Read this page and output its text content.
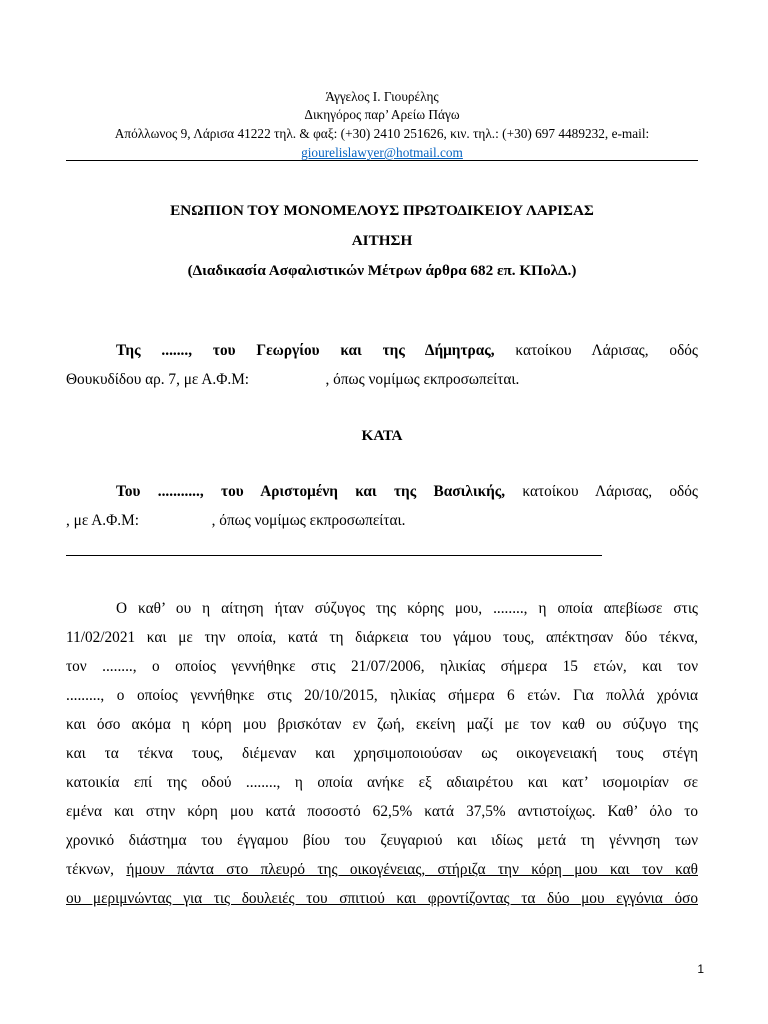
Άγγελος Ι. Γιουρέλης
Δικηγόρος παρ’ Αρείω Πάγω
Απόλλωνος 9, Λάρισα 41222 τηλ. & φαξ: (+30) 2410 251626, κιν. τηλ.: (+30) 697 4489232, e-mail:
giourelislawyer@hotmail.com
ΕΝΩΠΙΟΝ ΤΟΥ ΜΟΝΟΜΕΛΟΥΣ ΠΡΩΤΟΔΙΚΕΙΟΥ ΛΑΡΙΣΑΣ
ΑΙΤΗΣΗ
(Διαδικασία Ασφαλιστικών Μέτρων άρθρα 682 επ. ΚΠολΔ.)
Της ......., του Γεωργίου και της Δήμητρας, κατοίκου Λάρισας, οδός
Θουκυδίδου αρ. 7, με Α.Φ.Μ:                    , όπως νομίμως εκπροσωπείται.
ΚΑΤΑ
Του ..........., του Αριστομένη και της Βασιλικής, κατοίκου Λάρισας, οδός
, με Α.Φ.Μ:                   , όπως νομίμως εκπροσωπείται.
Ο καθ’ ου η αίτηση ήταν σύζυγος της κόρης μου, ........, η οποία απεβίωσε στις
11/02/2021 και με την οποία, κατά τη διάρκεια του γάμου τους, απέκτησαν δύο τέκνα,
τον ........, ο οποίος γεννήθηκε στις 21/07/2006, ηλικίας σήμερα 15 ετών, και τον
........., ο οποίος γεννήθηκε στις 20/10/2015, ηλικίας σήμερα 6 ετών. Για πολλά χρόνια
και όσο ακόμα η κόρη μου βρισκόταν εν ζωή, εκείνη μαζί με τον καθ ου σύζυγο της
και τα τέκνα τους, διέμεναν και χρησιμοποιούσαν ως οικογενειακή τους στέγη
κατοικία επί της οδού ........, η οποία ανήκε εξ αδιαιρέτου και κατ’ ισομοιρίαν σε
εμένα και στην κόρη μου κατά ποσοστό 62,5% κατά 37,5% αντιστοίχως. Καθ’ όλο το
χρονικό διάστημα του έγγαμου βίου του ζευγαριού και ιδίως μετά τη γέννηση των
τέκνων, ήμουν πάντα στο πλευρό της οικογένειας, στήριζα την κόρη μου και τον καθ
ου μεριμνώντας για τις δουλειές του σπιτιού και φροντίζοντας τα δύο μου εγγόνια όσο
1
